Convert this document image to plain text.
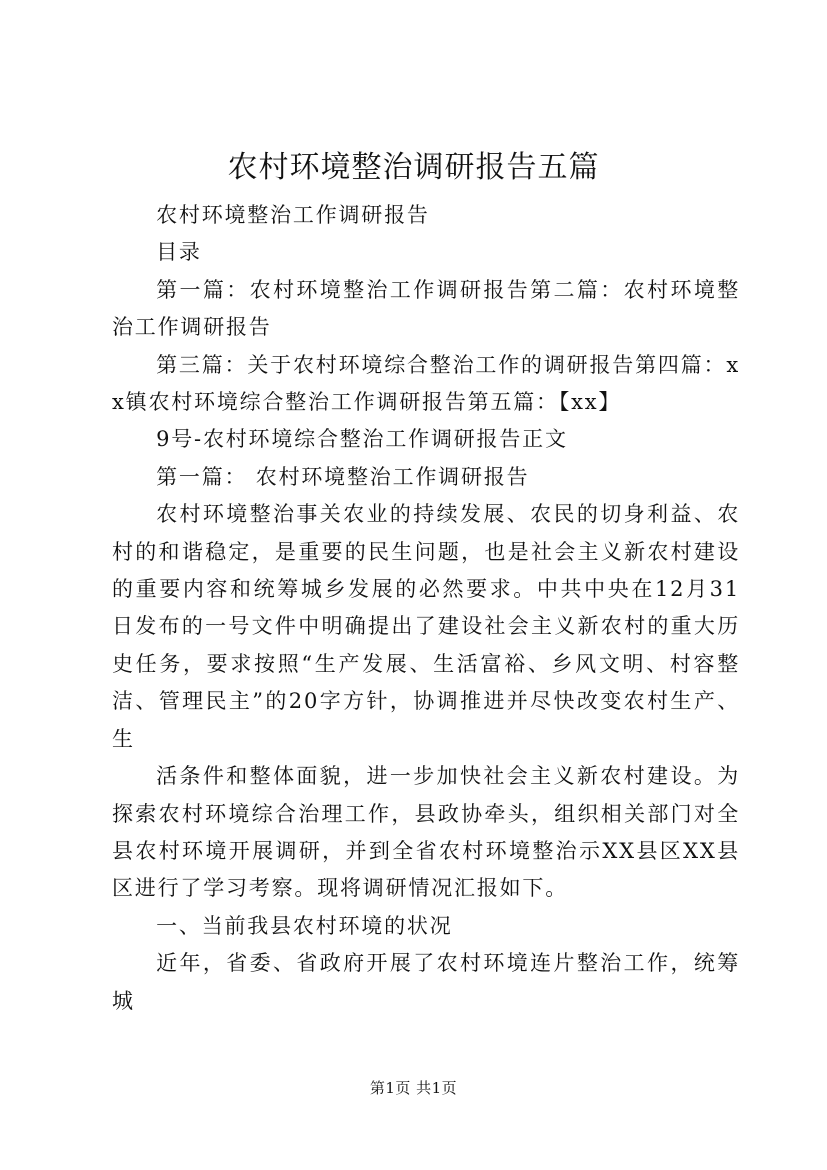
农村环境整治调研报告五篇

农村环境整治工作调研报告

目录

第一篇：农村环境整治工作调研报告第二篇：农村环境整治工作调研报告

第三篇：关于农村环境综合整治工作的调研报告第四篇：xx镇农村环境综合整治工作调研报告第五篇：【xx】

9号-农村环境综合整治工作调研报告正文

第一篇： 农村环境整治工作调研报告

农村环境整治事关农业的持续发展、农民的切身利益、农村的和谐稳定，是重要的民生问题，也是社会主义新农村建设的重要内容和统筹城乡发展的必然要求。中共中央在12月31日发布的一号文件中明确提出了建设社会主义新农村的重大历史任务，要求按照“生产发展、生活富裕、乡风文明、村容整洁、管理民主”的20字方针，协调推进并尽快改变农村生产、生

活条件和整体面貌，进一步加快社会主义新农村建设。为探索农村环境综合治理工作，县政协牵头，组织相关部门对全县农村环境开展调研，并到全省农村环境整治示XX县区XX县区进行了学习考察。现将调研情况汇报如下。

一、当前我县农村环境的状况

近年，省委、省政府开展了农村环境连片整治工作，统筹城

第1页 共1页
